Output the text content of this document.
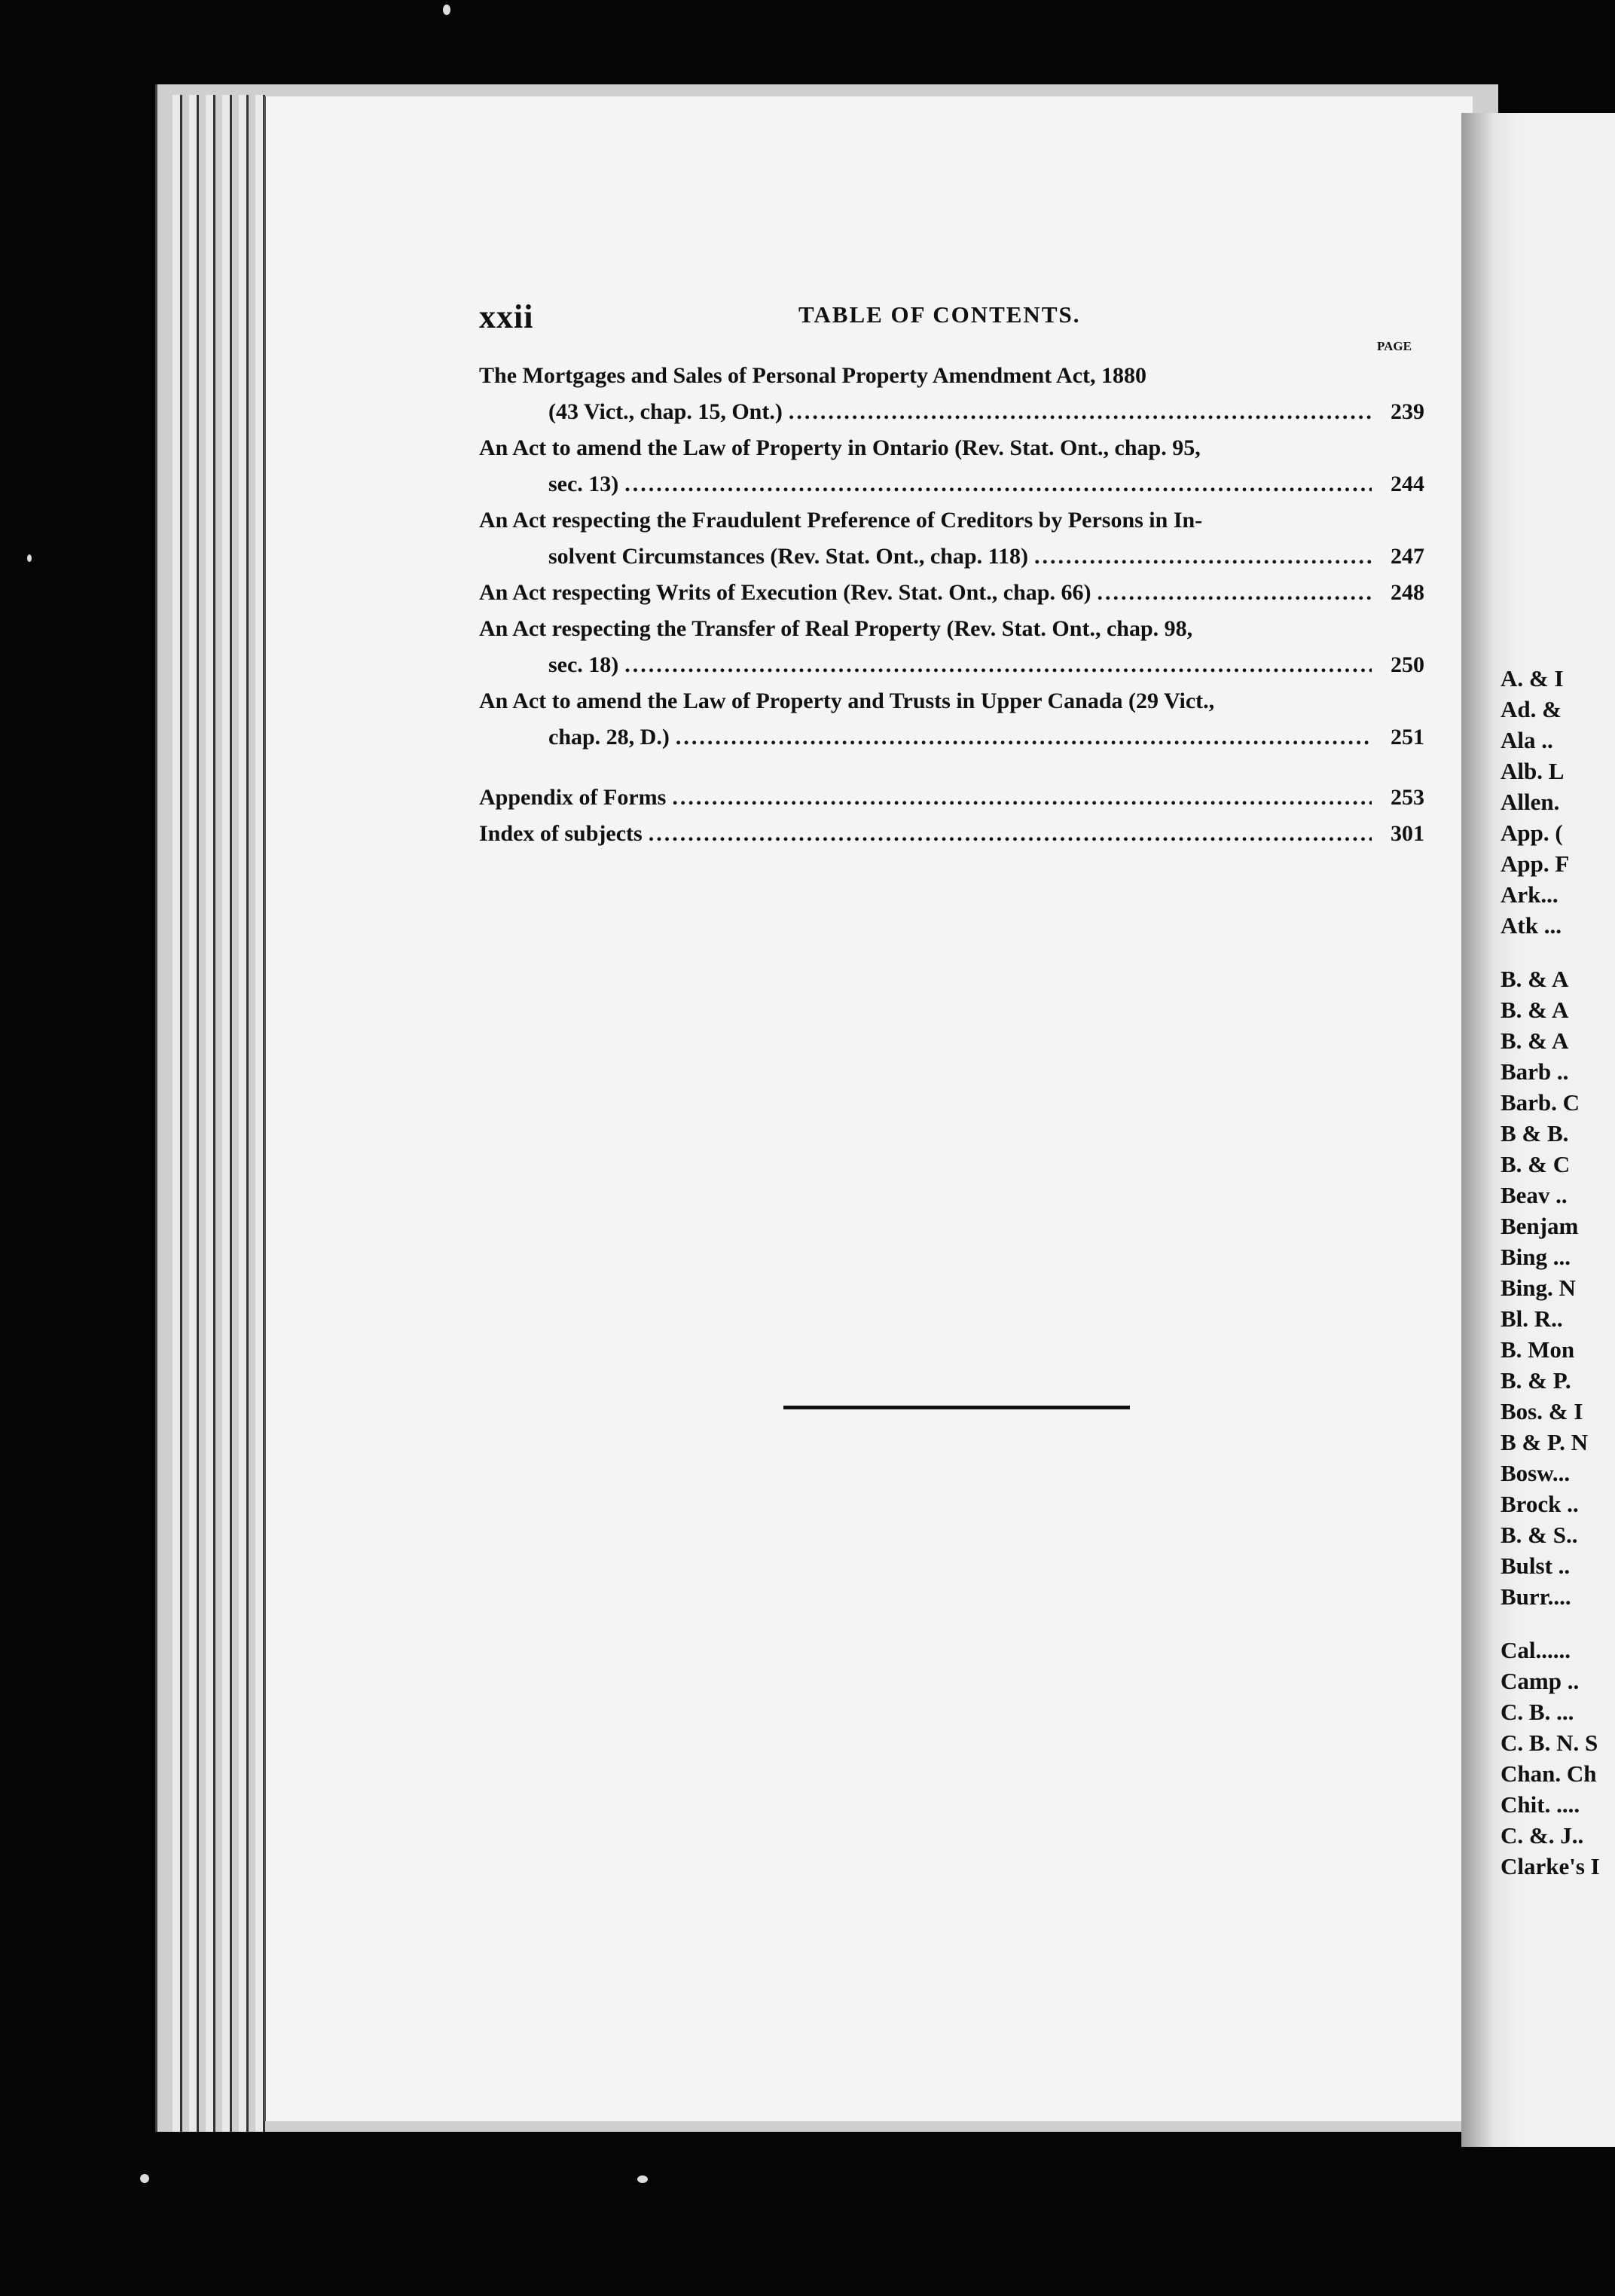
A. & I
Ad. &
Ala ..
Alb. L
Allen.
App. (
App. F
Ark...
Atk ...
B. & A
B. & A
B. & A
Barb ..
Barb. C
B & B.
B. & C
Beav ..
Benjam
Bing ...
Bing. N
Bl. R..
B. Mon
B. & P.
Bos. & I
B & P. N
Bosw...
Brock ..
B. & S..
Bulst ..
Burr....
Cal......
Camp ..
C. B. ...
C. B. N. S
Chan. Ch
Chit. ....
C. &. J..
Clarke's I
xxii	TABLE OF CONTENTS.
PAGE
The Mortgages and Sales of Personal Property Amendment Act, 1880
(43 Vict., chap. 15, Ont.) .....	239
An Act to amend the Law of Property in Ontario (Rev. Stat. Ont., chap. 95,
sec. 13) .....	244
An Act respecting the Fraudulent Preference of Creditors by Persons in In-
solvent Circumstances (Rev. Stat. Ont., chap. 118) .....	247
An Act respecting Writs of Execution (Rev. Stat. Ont., chap. 66) .....	248
An Act respecting the Transfer of Real Property (Rev. Stat. Ont., chap. 98,
sec. 18) .....	250
An Act to amend the Law of Property and Trusts in Upper Canada (29 Vict.,
chap. 28, D.) .....	251
Appendix of Forms .....	253
Index of subjects .....	301
